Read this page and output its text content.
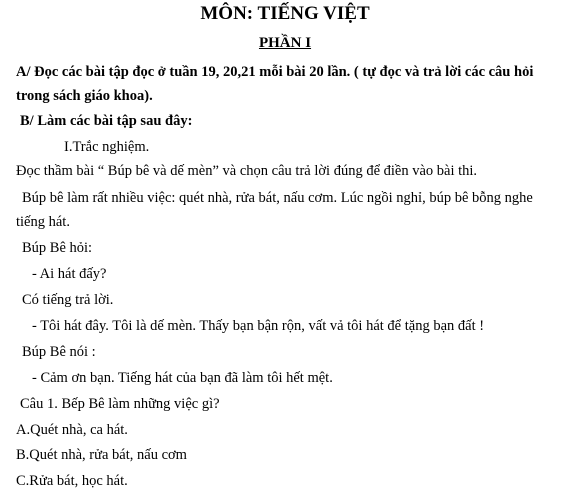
MÔN: TIẾNG VIỆT
PHẦN I
A/ Đọc các bài tập đọc ở tuần 19, 20,21 mỗi bài 20 lần. ( tự đọc và trả lời các câu hỏi
trong sách giáo khoa).
B/ Làm các bài tập sau đây:
I.Trắc nghiệm.
Đọc thầm bài “ Búp bê và dế mèn” và chọn câu trả lời đúng để điền vào bài thi.
Búp bê làm rất nhiều việc: quét nhà, rửa bát, nấu cơm. Lúc ngồi nghỉ, búp bê bỗng nghe
tiếng hát.
Búp Bê hỏi:
- Ai hát đấy?
Có tiếng trả lời.
- Tôi hát đây. Tôi là dế mèn. Thấy bạn bận rộn, vất vả tôi hát để tặng bạn đất !
Búp Bê nói :
- Cảm ơn bạn. Tiếng hát của bạn đã làm tôi hết mệt.
Câu 1. Bếp Bê làm những việc gì?
A.Quét nhà, ca hát.
B.Quét nhà, rửa bát, nấu cơm
C.Rửa bát, học hát.
